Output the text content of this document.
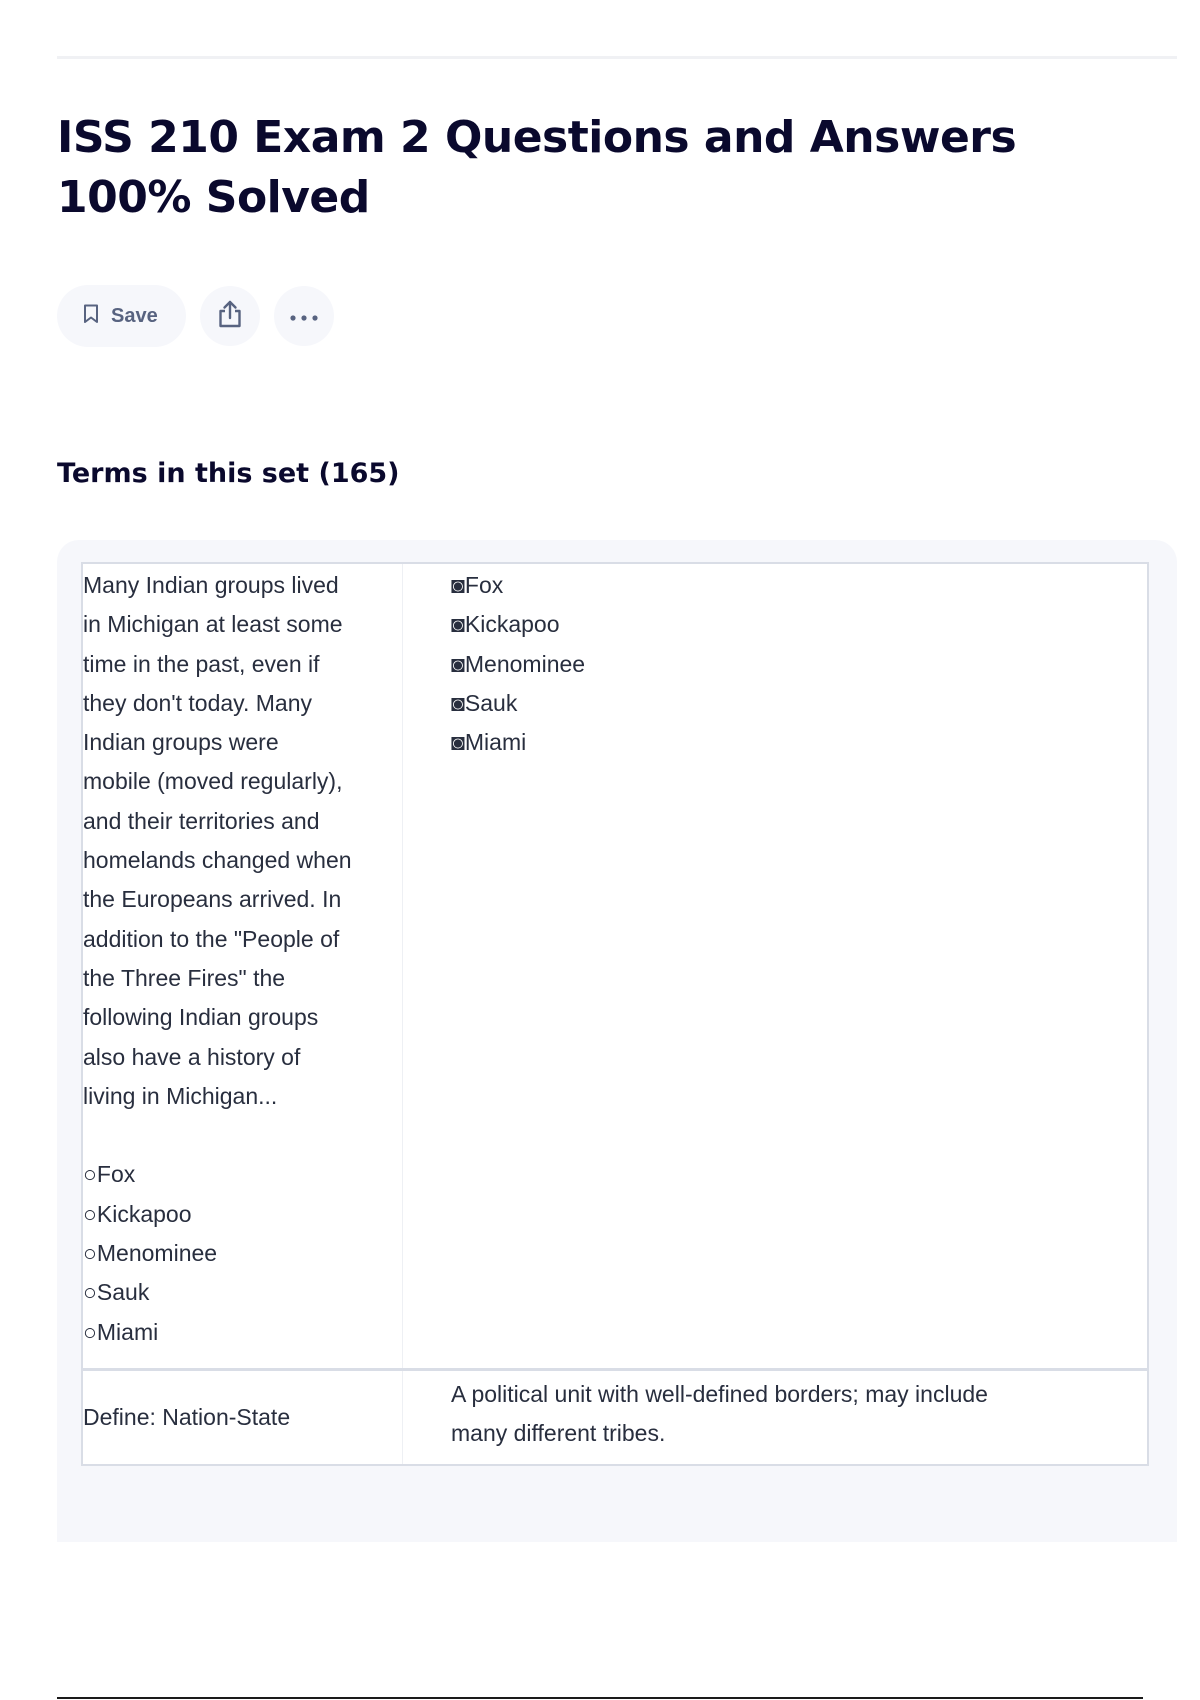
ISS 210 Exam 2 Questions and Answers 100% Solved
Save
Terms in this set (165)
Many Indian groups lived
in Michigan at least some
time in the past, even if
they don't today. Many
Indian groups were
mobile (moved regularly),
and their territories and
homelands changed when
the Europeans arrived. In
addition to the "People of
the Three Fires" the
following Indian groups
also have a history of
living in Michigan...

○Fox
○Kickapoo
○Menominee
○Sauk
○Miami
◙Fox
◙Kickapoo
◙Menominee
◙Sauk
◙Miami
Define: Nation-State
A political unit with well-defined borders; may include
many different tribes.
